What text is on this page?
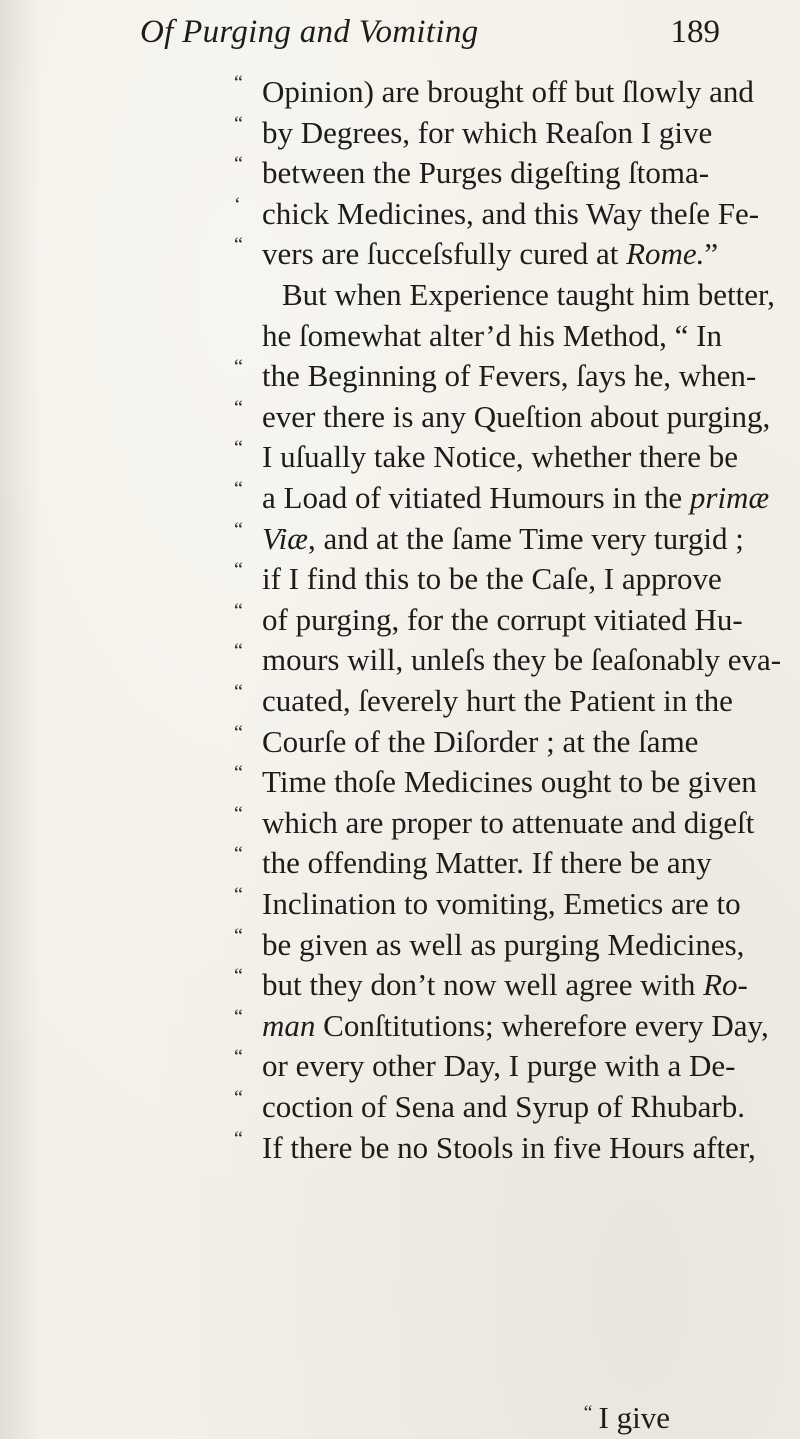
Of Purging and Vomiting	189
“ Opinion) are brought off but ſlowly and
“ by Degrees, for which Reaſon I give
“ between the Purges digeſting ſtoma-
‘ chick Medicines, and this Way theſe Fe-
“ vers are ſucceſsfully cured at Rome.”
But when Experience taught him better,
he ſomewhat alter’d his Method, “ In
“ the Beginning of Fevers, ſays he, when-
“ ever there is any Queſtion about purging,
“ I uſually take Notice, whether there be
“ a Load of vitiated Humours in the primæ
“ Viæ, and at the ſame Time very turgid ;
“ if I find this to be the Caſe, I approve
“ of purging, for the corrupt vitiated Hu-
“ mours will, unleſs they be ſeaſonably eva-
“ cuated, ſeverely hurt the Patient in the
“ Courſe of the Diſorder ; at the ſame
“ Time thoſe Medicines ought to be given
“ which are proper to attenuate and digeſt
“ the offending Matter. If there be any
“ Inclination to vomiting, Emetics are to
“ be given as well as purging Medicines,
“ but they don’t now well agree with Ro-
“ man Conſtitutions; wherefore every Day,
“ or every other Day, I purge with a De-
“ coction of Sena and Syrup of Rhubarb.
“ If there be no Stools in five Hours after,
“ I give
